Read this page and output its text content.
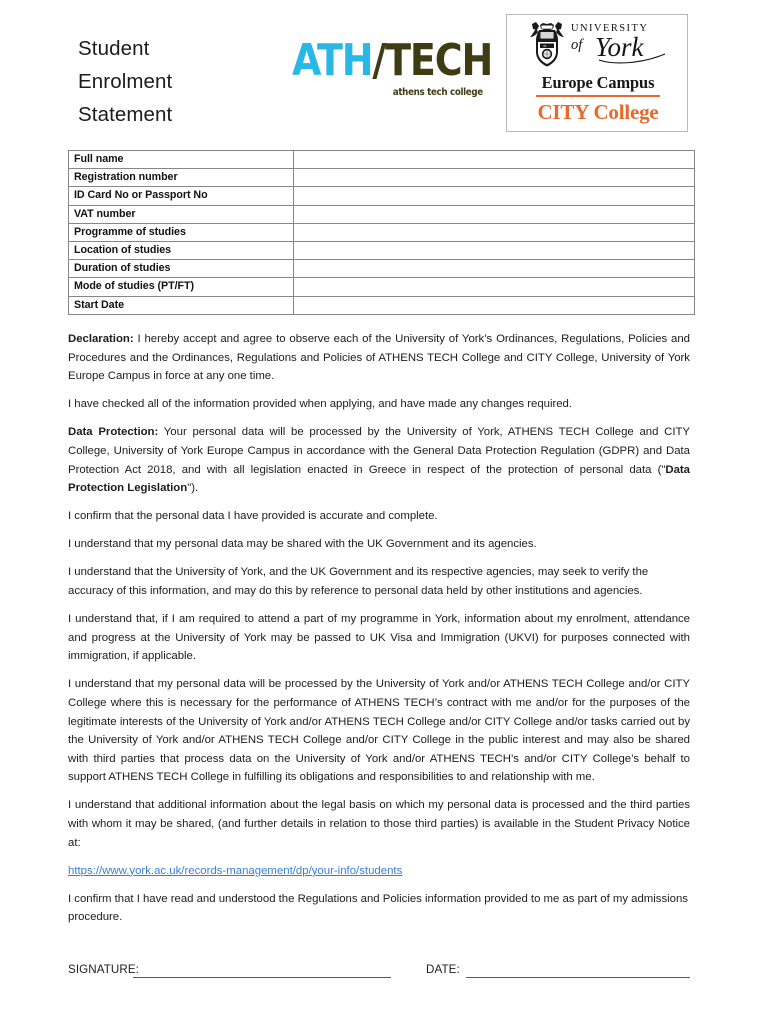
Student
Enrolment
Statement
ATH/TECH
athens tech college
M
UNIVERSITY
of York
Europe Campus
CITY College
Full name	
Registration number	
ID Card No or Passport No	
VAT number	
Programme of studies	
Location of studies	
Duration of studies	
Mode of studies (PT/FT)	
Start Date	

Declaration: I hereby accept and agree to observe each of the University of York’s Ordinances, Regulations, Policies and Procedures and the Ordinances, Regulations and Policies of ATHENS TECH College and CITY College, University of York Europe Campus in force at any one time.

I have checked all of the information provided when applying, and have made any changes required.

Data Protection: Your personal data will be processed by the University of York, ATHENS TECH College and CITY College, University of York Europe Campus in accordance with the General Data Protection Regulation (GDPR) and Data Protection Act 2018, and with all legislation enacted in Greece in respect of the protection of personal data ("Data Protection Legislation").

I confirm that the personal data I have provided is accurate and complete.

I understand that my personal data may be shared with the UK Government and its agencies.

I understand that the University of York, and the UK Government and its respective agencies, may seek to verify the accuracy of this information, and may do this by reference to personal data held by other institutions and agencies.

I understand that, if I am required to attend a part of my programme in York, information about my enrolment, attendance and progress at the University of York may be passed to UK Visa and Immigration (UKVI) for purposes connected with immigration, if applicable.

I understand that my personal data will be processed by the University of York and/or ATHENS TECH College and/or CITY College where this is necessary for the performance of ATHENS TECH’s contract with me and/or for the purposes of the legitimate interests of the University of York and/or ATHENS TECH College and/or CITY College and/or tasks carried out by the University of York and/or ATHENS TECH College and/or CITY College in the public interest and may also be shared with third parties that process data on the University of York and/or ATHENS TECH’s and/or CITY College’s behalf to support ATHENS TECH College in fulfilling its obligations and responsibilities to and relationship with me.

I understand that additional information about the legal basis on which my personal data is processed and the third parties with whom it may be shared, (and further details in relation to those third parties) is available in the Student Privacy Notice at:

https://www.york.ac.uk/records-management/dp/your-info/students

I confirm that I have read and understood the Regulations and Policies information provided to me as part of my admissions procedure.

SIGNATURE:	DATE:
